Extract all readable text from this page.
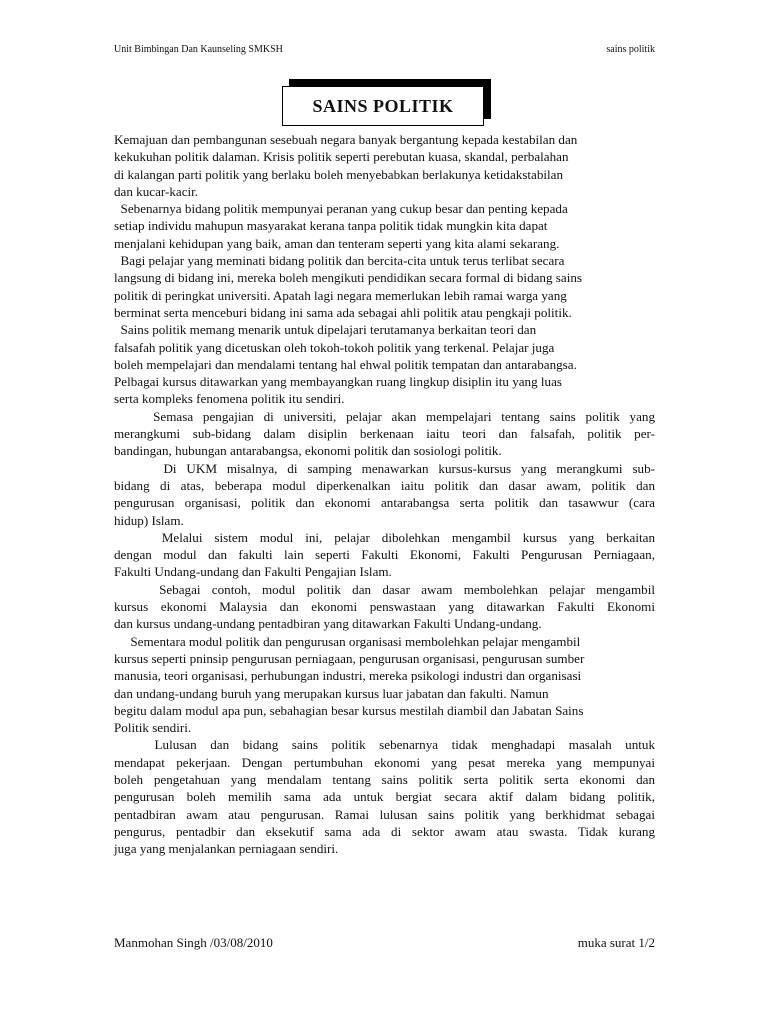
Unit Bimbingan Dan Kaunseling SMKSH	sains politik
SAINS POLITIK

Kemajuan dan pembangunan sesebuah negara banyak bergantung kepada kestabilan dan
kekukuhan politik dalaman. Krisis politik seperti perebutan kuasa, skandal, perbalahan
di kalangan parti politik yang berlaku boleh menyebabkan berlakunya ketidakstabilan
dan kucar-kacir.

Sebenarnya bidang politik mempunyai peranan yang cukup besar dan penting kepada
setiap individu mahupun masyarakat kerana tanpa politik tidak mungkin kita dapat
menjalani kehidupan yang baik, aman dan tenteram seperti yang kita alami sekarang.

Bagi pelajar yang meminati bidang politik dan bercita-cita untuk terus terlibat secara
langsung di bidang ini, mereka boleh mengikuti pendidikan secara formal di bidang sains
politik di peringkat universiti. Apatah lagi negara memerlukan lebih ramai warga yang
berminat serta menceburi bidang ini sama ada sebagai ahli politik atau pengkaji politik.

Sains politik memang menarik untuk dipelajari terutamanya berkaitan teori dan
falsafah politik yang dicetuskan oleh tokoh-tokoh politik yang terkenal. Pelajar juga
boleh mempelajari dan mendalami tentang hal ehwal politik tempatan dan antarabangsa.
Pelbagai kursus ditawarkan yang membayangkan ruang lingkup disiplin itu yang luas
serta kompleks fenomena politik itu sendiri.

Semasa pengajian di universiti, pelajar akan mempelajari tentang sains politik yang
merangkumi sub-bidang dalam disiplin berkenaan iaitu teori dan falsafah, politik per-
bandingan, hubungan antarabangsa, ekonomi politik dan sosiologi politik.

Di UKM misalnya, di samping menawarkan kursus-kursus yang merangkumi sub-
bidang di atas, beberapa modul diperkenalkan iaitu politik dan dasar awam, politik dan
pengurusan organisasi, politik dan ekonomi antarabangsa serta politik dan tasawwur (cara
hidup) Islam.

Melalui sistem modul ini, pelajar dibolehkan mengambil kursus yang berkaitan
dengan modul dan fakulti lain seperti Fakulti Ekonomi, Fakulti Pengurusan Perniagaan,
Fakulti Undang-undang dan Fakulti Pengajian Islam.

Sebagai contoh, modul politik dan dasar awam membolehkan pelajar mengambil
kursus ekonomi Malaysia dan ekonomi penswastaan yang ditawarkan Fakulti Ekonomi
dan kursus undang-undang pentadbiran yang ditawarkan Fakulti Undang-undang.

Sementara modul politik dan pengurusan organisasi membolehkan pelajar mengambil
kursus seperti pninsip pengurusan perniagaan, pengurusan organisasi, pengurusan sumber
manusia, teori organisasi, perhubungan industri, mereka psikologi industri dan organisasi
dan undang-undang buruh yang merupakan kursus luar jabatan dan fakulti. Namun
begitu dalam modul apa pun, sebahagian besar kursus mestilah diambil dan Jabatan Sains
Politik sendiri.

Lulusan dan bidang sains politik sebenarnya tidak menghadapi masalah untuk
mendapat pekerjaan. Dengan pertumbuhan ekonomi yang pesat mereka yang mempunyai
boleh pengetahuan yang mendalam tentang sains politik serta politik serta ekonomi dan
pengurusan boleh memilih sama ada untuk bergiat secara aktif dalam bidang politik,
pentadbiran awam atau pengurusan. Ramai lulusan sains politik yang berkhidmat sebagai
pengurus, pentadbir dan eksekutif sama ada di sektor awam atau swasta. Tidak kurang
juga yang menjalankan perniagaan sendiri.

Manmohan Singh /03/08/2010	muka surat 1/2
